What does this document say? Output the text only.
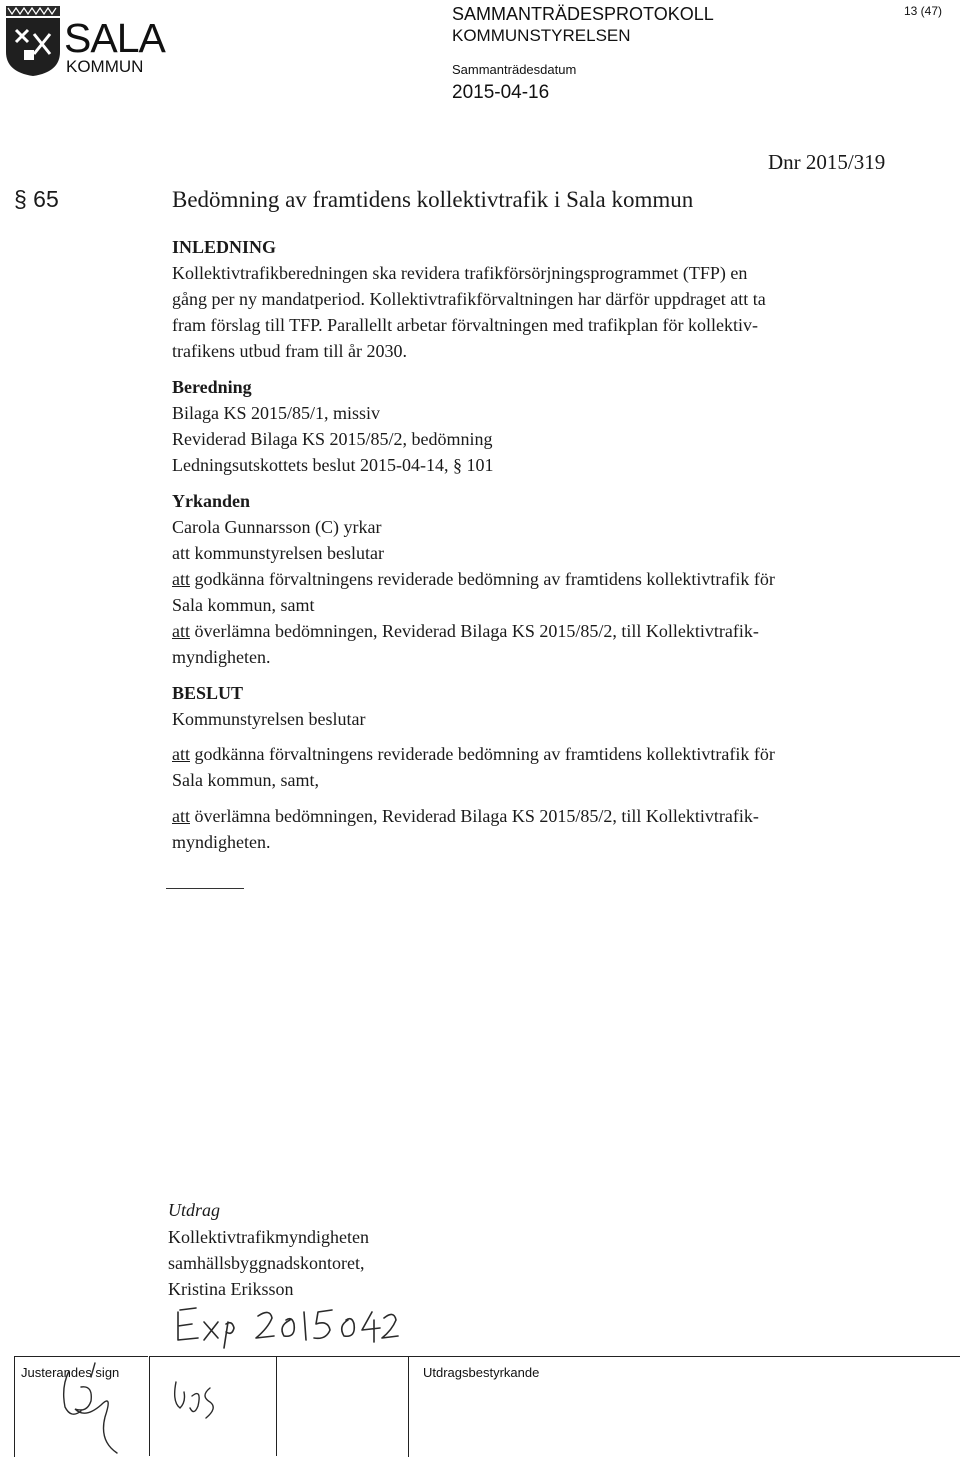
SALA
KOMMUN
SAMMANTRÄDESPROTOKOLL
KOMMUNSTYRELSEN
Sammanträdesdatum
2015-04-16
13 (47)
Dnr 2015/319
§ 65	Bedömning av framtidens kollektivtrafik i Sala kommun
INLEDNING
Kollektivtrafikberedningen ska revidera trafikförsörjningsprogrammet (TFP) en
gång per ny mandatperiod. Kollektivtrafikförvaltningen har därför uppdraget att ta
fram förslag till TFP. Parallellt arbetar förvaltningen med trafikplan för kollektiv-
trafikens utbud fram till år 2030.
Beredning
Bilaga KS 2015/85/1, missiv
Reviderad Bilaga KS 2015/85/2, bedömning
Ledningsutskottets beslut 2015-04-14, § 101
Yrkanden
Carola Gunnarsson (C) yrkar
att kommunstyrelsen beslutar
att godkänna förvaltningens reviderade bedömning av framtidens kollektivtrafik för
Sala kommun, samt
att överlämna bedömningen, Reviderad Bilaga KS 2015/85/2, till Kollektivtrafik-
myndigheten.
BESLUT
Kommunstyrelsen beslutar
att godkänna förvaltningens reviderade bedömning av framtidens kollektivtrafik för
Sala kommun, samt,
att överlämna bedömningen, Reviderad Bilaga KS 2015/85/2, till Kollektivtrafik-
myndigheten.
Utdrag
Kollektivtrafikmyndigheten
samhällsbyggnadskontoret,
Kristina Eriksson
Justerandes sign	Utdragsbestyrkande
